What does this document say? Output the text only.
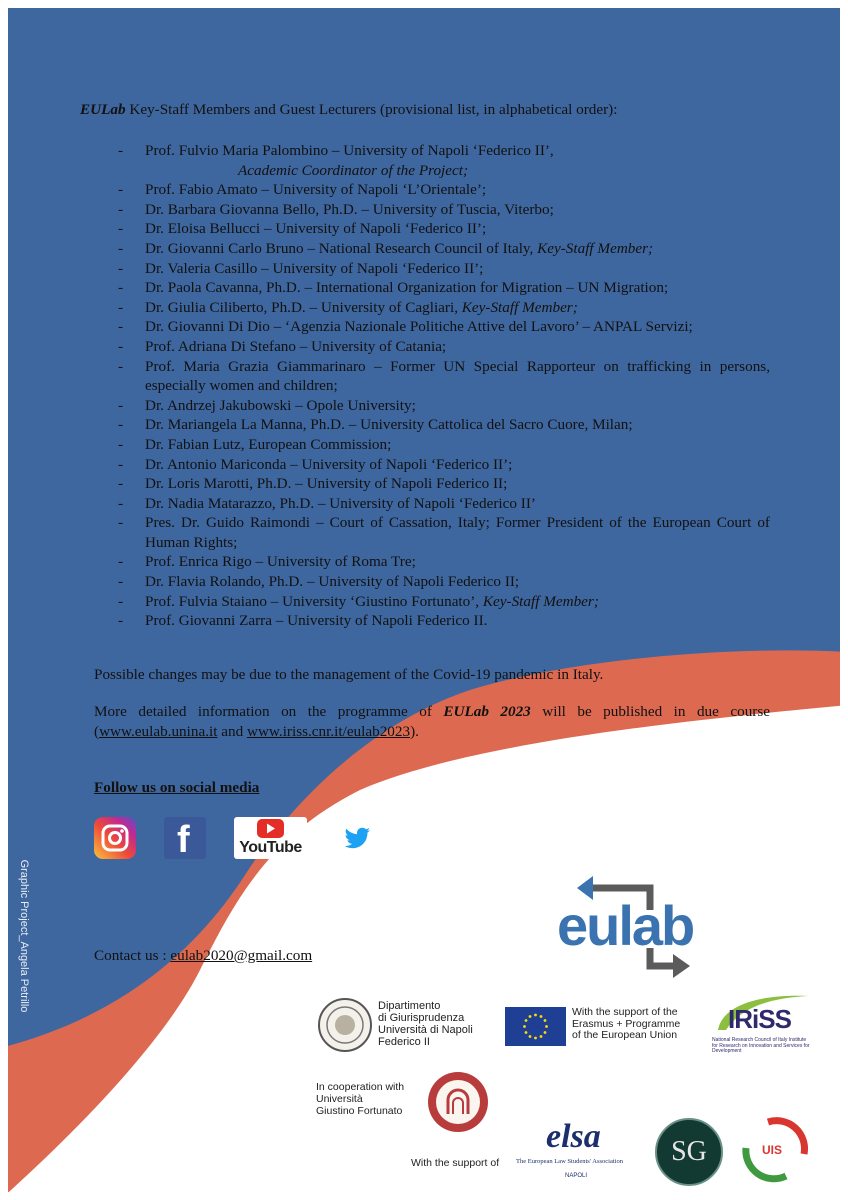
EULab Key-Staff Members and Guest Lecturers (provisional list, in alphabetical order):
- Prof. Fulvio Maria Palombino – University of Napoli ‘Federico II’,
Academic Coordinator of the Project;
- Prof. Fabio Amato – University of Napoli ‘L’Orientale’;
- Dr. Barbara Giovanna Bello, Ph.D. – University of Tuscia, Viterbo;
- Dr. Eloisa Bellucci – University of Napoli ‘Federico II’;
- Dr. Giovanni Carlo Bruno – National Research Council of Italy, Key-Staff Member;
- Dr. Valeria Casillo – University of Napoli ‘Federico II’;
- Dr. Paola Cavanna, Ph.D. – International Organization for Migration – UN Migration;
- Dr. Giulia Ciliberto, Ph.D. – University of Cagliari, Key-Staff Member;
- Dr. Giovanni Di Dio – ‘Agenzia Nazionale Politiche Attive del Lavoro’ – ANPAL Servizi;
- Prof. Adriana Di Stefano – University of Catania;
- Prof. Maria Grazia Giammarinaro – Former UN Special Rapporteur on trafficking in persons, especially women and children;
- Dr. Andrzej Jakubowski – Opole University;
- Dr. Mariangela La Manna, Ph.D. – University Cattolica del Sacro Cuore, Milan;
- Dr. Fabian Lutz, European Commission;
- Dr. Antonio Mariconda – University of Napoli ‘Federico II’;
- Dr. Loris Marotti, Ph.D. – University of Napoli Federico II;
- Dr. Nadia Matarazzo, Ph.D. – University of Napoli ‘Federico II’
- Pres. Dr. Guido Raimondi – Court of Cassation, Italy; Former President of the European Court of Human Rights;
- Prof. Enrica Rigo – University of Roma Tre;
- Dr. Flavia Rolando, Ph.D. – University of Napoli Federico II;
- Prof. Fulvia Staiano – University ‘Giustino Fortunato’, Key-Staff Member;
- Prof. Giovanni Zarra – University of Napoli Federico II.
Possible changes may be due to the management of the Covid-19 pandemic in Italy.
More detailed information on the programme of EULab 2023 will be published in due course (www.eulab.unina.it and www.iriss.cnr.it/eulab2023).
Follow us on social media
f	YouTube
Contact us : eulab2020@gmail.com
Graphic Project_Angela Petrillo	eulab
Dipartimento
di Giurisprudenza
Università di Napoli
Federico II
With the support of the
Erasmus + Programme
of the European Union
IRiSS
National Research Council of Italy Institute for Research on Innovation and Services for Development
In cooperation with
Università
Giustino Fortunato
With the support of
elsa
The European Law Students' Association
NAPOLI
SG	UIS
